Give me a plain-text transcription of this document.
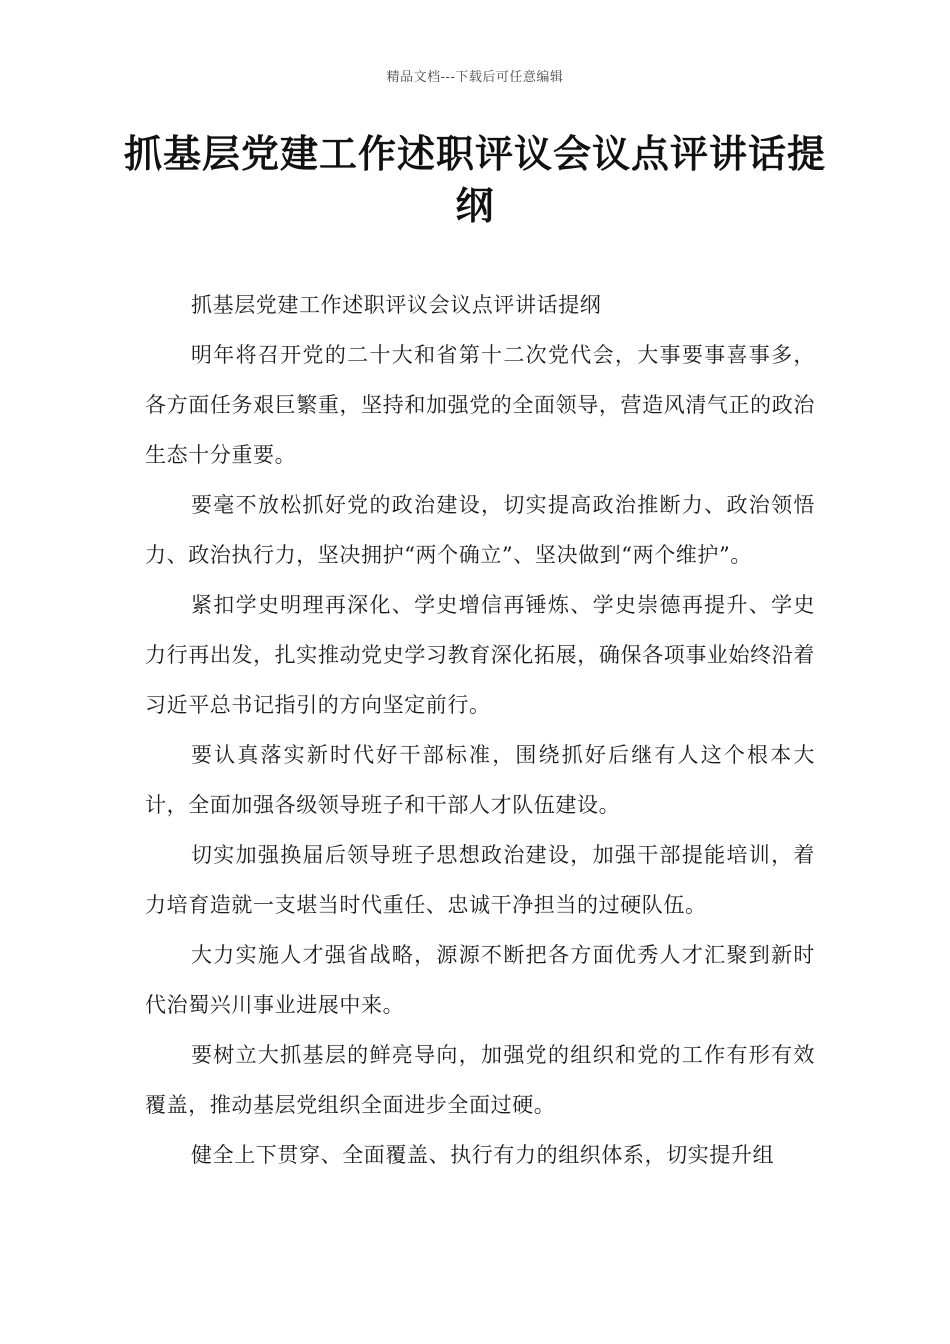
精品文档---下载后可任意编辑
抓基层党建工作述职评议会议点评讲话提纲

抓基层党建工作述职评议会议点评讲话提纲

明年将召开党的二十大和省第十二次党代会，大事要事喜事多，各方面任务艰巨繁重，坚持和加强党的全面领导，营造风清气正的政治生态十分重要。

要毫不放松抓好党的政治建设，切实提高政治推断力、政治领悟力、政治执行力，坚决拥护“两个确立”、坚决做到“两个维护”。

紧扣学史明理再深化、学史增信再锤炼、学史崇德再提升、学史力行再出发，扎实推动党史学习教育深化拓展，确保各项事业始终沿着习近平总书记指引的方向坚定前行。

要认真落实新时代好干部标准，围绕抓好后继有人这个根本大计，全面加强各级领导班子和干部人才队伍建设。

切实加强换届后领导班子思想政治建设，加强干部提能培训，着力培育造就一支堪当时代重任、忠诚干净担当的过硬队伍。

大力实施人才强省战略，源源不断把各方面优秀人才汇聚到新时代治蜀兴川事业进展中来。

要树立大抓基层的鲜亮导向，加强党的组织和党的工作有形有效覆盖，推动基层党组织全面进步全面过硬。

健全上下贯穿、全面覆盖、执行有力的组织体系，切实提升组
